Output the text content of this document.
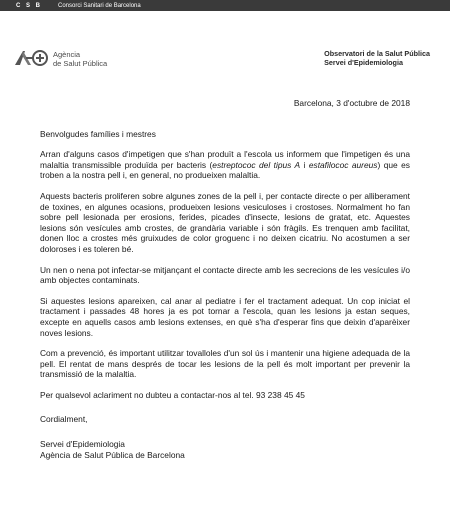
C S B	Consorci Sanitari de Barcelona
Agència
de Salut Pública
Observatori de la Salut Pública
Servei d'Epidemiologia
Barcelona, 3 d'octubre de 2018

Benvolgudes famílies i mestres

Arran d'alguns casos d'impetigen que s'han produït a l'escola us informem que l'impetigen és una malaltia transmissible produïda per bacteris (estreptococ del tipus A i estafilococ aureus) que es troben a la nostra pell i, en general, no produeixen malaltia.

Aquests bacteris proliferen sobre algunes zones de la pell i, per contacte directe o per alliberament de toxines, en algunes ocasions, produeixen lesions vesiculoses i crostoses. Normalment ho fan sobre pell lesionada per erosions, ferides, picades d'insecte, lesions de gratat, etc. Aquestes lesions són vesícules amb crostes, de grandària variable i són fràgils. Es trenquen amb facilitat, donen lloc a crostes més gruixudes de color groguenc i no deixen cicatriu. No acostumen a ser doloroses i es toleren bé.

Un nen o nena pot infectar-se mitjançant el contacte directe amb les secrecions de les vesícules i/o amb objectes contaminats.

Si aquestes lesions apareixen, cal anar al pediatre i fer el tractament adequat. Un cop iniciat el tractament i passades 48 hores ja es pot tornar a l'escola, quan les lesions ja estan seques, excepte en aquells casos amb lesions extenses, en què s'ha d'esperar fins que deixin d'aparèixer noves lesions.

Com a prevenció, és important utilitzar tovalloles d'un sol ús i mantenir una higiene adequada de la pell. El rentat de mans després de tocar les lesions de la pell és molt important per prevenir la transmissió de la malaltia.

Per qualsevol aclariment no dubteu a contactar-nos al tel. 93 238 45 45

Cordialment,

Servei d'Epidemiologia
Agència de Salut Pública de Barcelona
